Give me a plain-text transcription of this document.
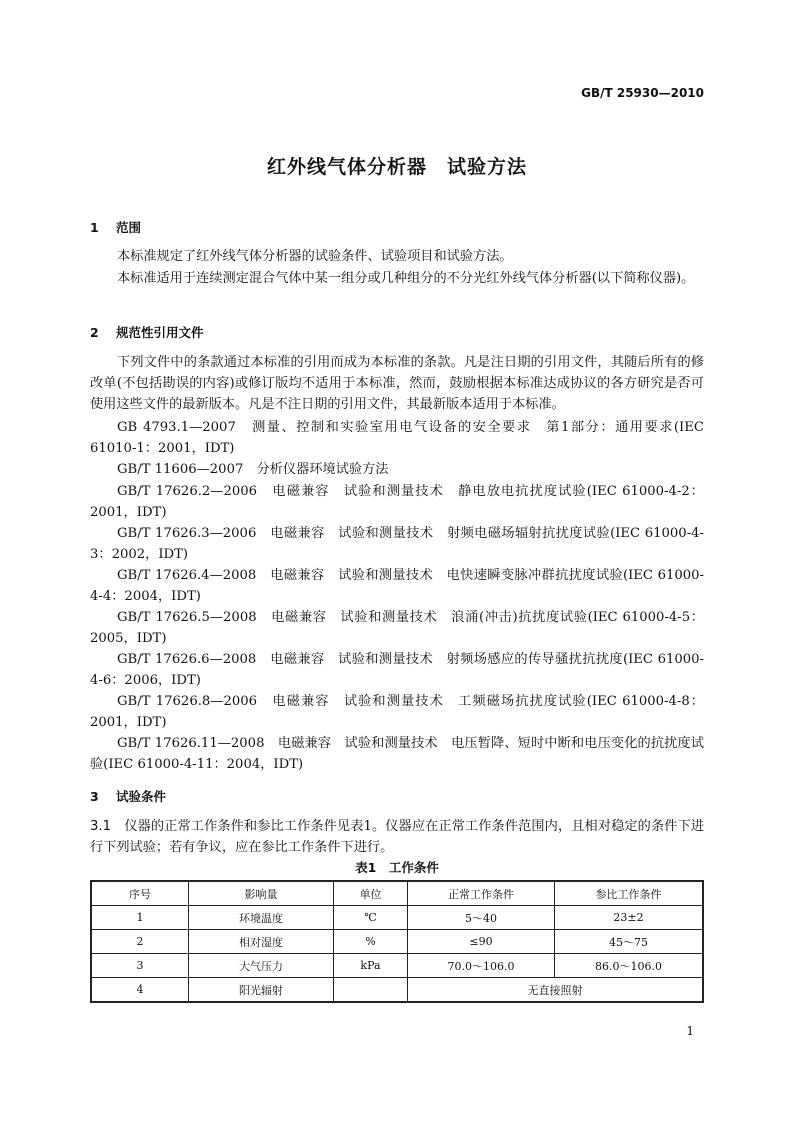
GB/T 25930—2010
红外线气体分析器　试验方法
1 范围
本标准规定了红外线气体分析器的试验条件、试验项目和试验方法。
本标准适用于连续测定混合气体中某一组分或几种组分的不分光红外线气体分析器(以下简称仪器)。
2 规范性引用文件
下列文件中的条款通过本标准的引用而成为本标准的条款。凡是注日期的引用文件，其随后所有的修改单(不包括勘误的内容)或修订版均不适用于本标准，然而，鼓励根据本标准达成协议的各方研究是否可使用这些文件的最新版本。凡是不注日期的引用文件，其最新版本适用于本标准。
GB 4793.1—2007　测量、控制和实验室用电气设备的安全要求　第1部分：通用要求(IEC 61010-1：2001，IDT)
GB/T 11606—2007　分析仪器环境试验方法
GB/T 17626.2—2006　电磁兼容　试验和测量技术　静电放电抗扰度试验(IEC 61000-4-2：2001，IDT)
GB/T 17626.3—2006　电磁兼容　试验和测量技术　射频电磁场辐射抗扰度试验(IEC 61000-4-3：2002，IDT)
GB/T 17626.4—2008　电磁兼容　试验和测量技术　电快速瞬变脉冲群抗扰度试验(IEC 61000-4-4：2004，IDT)
GB/T 17626.5—2008　电磁兼容　试验和测量技术　浪涌(冲击)抗扰度试验(IEC 61000-4-5：2005，IDT)
GB/T 17626.6—2008　电磁兼容　试验和测量技术　射频场感应的传导骚扰抗扰度(IEC 61000-4-6：2006，IDT)
GB/T 17626.8—2006　电磁兼容　试验和测量技术　工频磁场抗扰度试验(IEC 61000-4-8：2001，IDT)
GB/T 17626.11—2008　电磁兼容　试验和测量技术　电压暂降、短时中断和电压变化的抗扰度试验(IEC 61000-4-11：2004，IDT)
3 试验条件
3.1　 仪器的正常工作条件和参比工作条件见表1。仪器应在正常工作条件范围内，且相对稳定的条件下进行下列试验；若有争议，应在参比工作条件下进行。
表1　工作条件
序号	影响量	单位	正常工作条件	参比工作条件
1	环境温度	℃	5～40	23±2
2	相对湿度	%	≤90	45～75
3	大气压力	kPa	70.0～106.0	86.0～106.0
4	阳光辐射		无直接照射	
1
